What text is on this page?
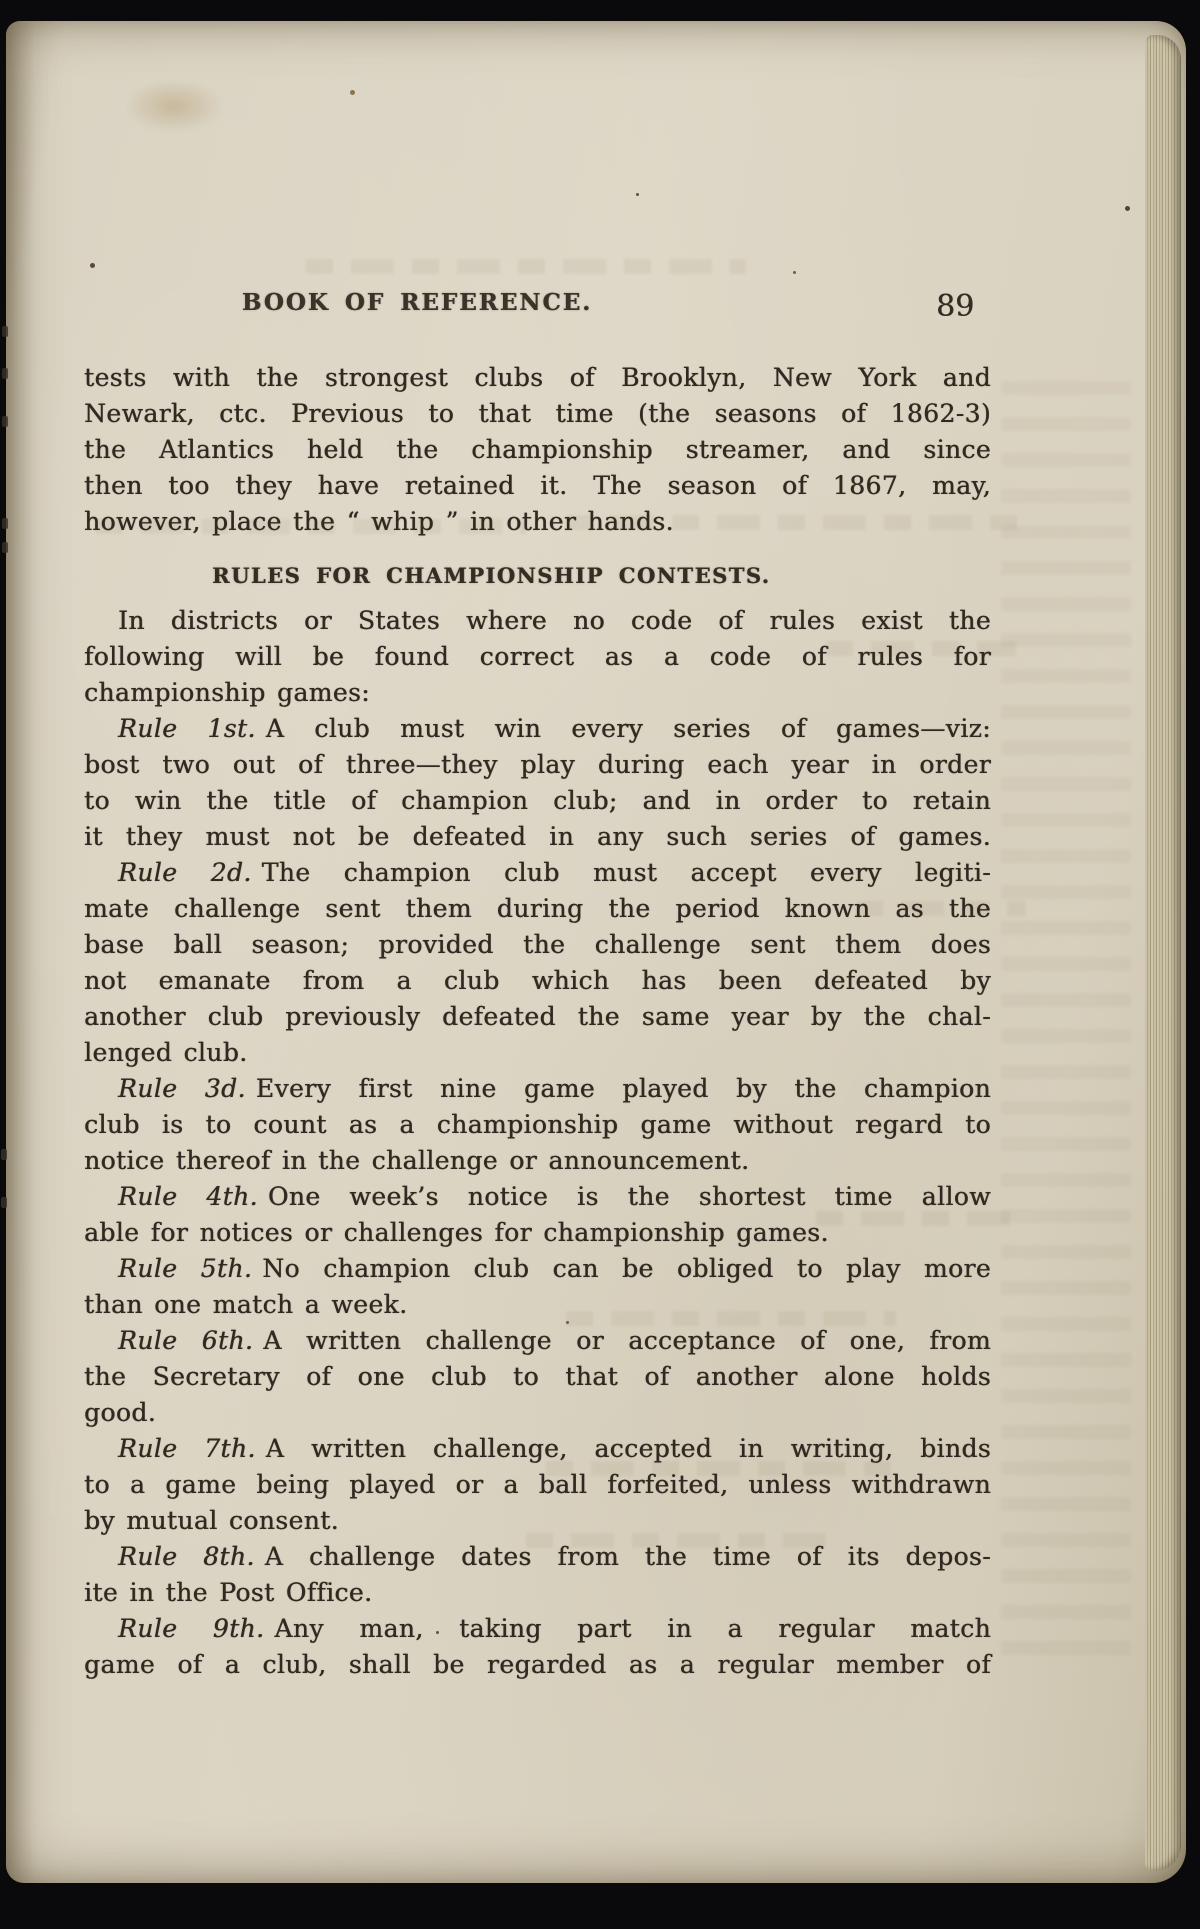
BOOK OF REFERENCE.	89
tests with the strongest clubs of Brooklyn, New York and
Newark, ctc. Previous to that time (the seasons of 1862-3)
the Atlantics held the championship streamer, and since
then too they have retained it. The season of 1867, may,
however, place the “ whip ” in other hands.
RULES FOR CHAMPIONSHIP CONTESTS.
In districts or States where no code of rules exist the
following will be found correct as a code of rules for
championship games:
Rule 1st. A club must win every series of games—viz:
bost two out of three—they play during each year in order
to win the title of champion club; and in order to retain
it they must not be defeated in any such series of games.
Rule 2d. The champion club must accept every legiti-
mate challenge sent them during the period known as the
base ball season; provided the challenge sent them does
not emanate from a club which has been defeated by
another club previously defeated the same year by the chal-
lenged club.
Rule 3d. Every first nine game played by the champion
club is to count as a championship game without regard to
notice thereof in the challenge or announcement.
Rule 4th. One week’s notice is the shortest time allow
able for notices or challenges for championship games.
Rule 5th. No champion club can be obliged to play more
than one match a week.
Rule 6th. A written challenge or acceptance of one, from
the Secretary of one club to that of another alone holds
good.
Rule 7th. A written challenge, accepted in writing, binds
to a game being played or a ball forfeited, unless withdrawn
by mutual consent.
Rule 8th. A challenge dates from the time of its depos-
ite in the Post Office.
Rule 9th. Any man, taking part in a regular match
game of a club, shall be regarded as a regular member of
